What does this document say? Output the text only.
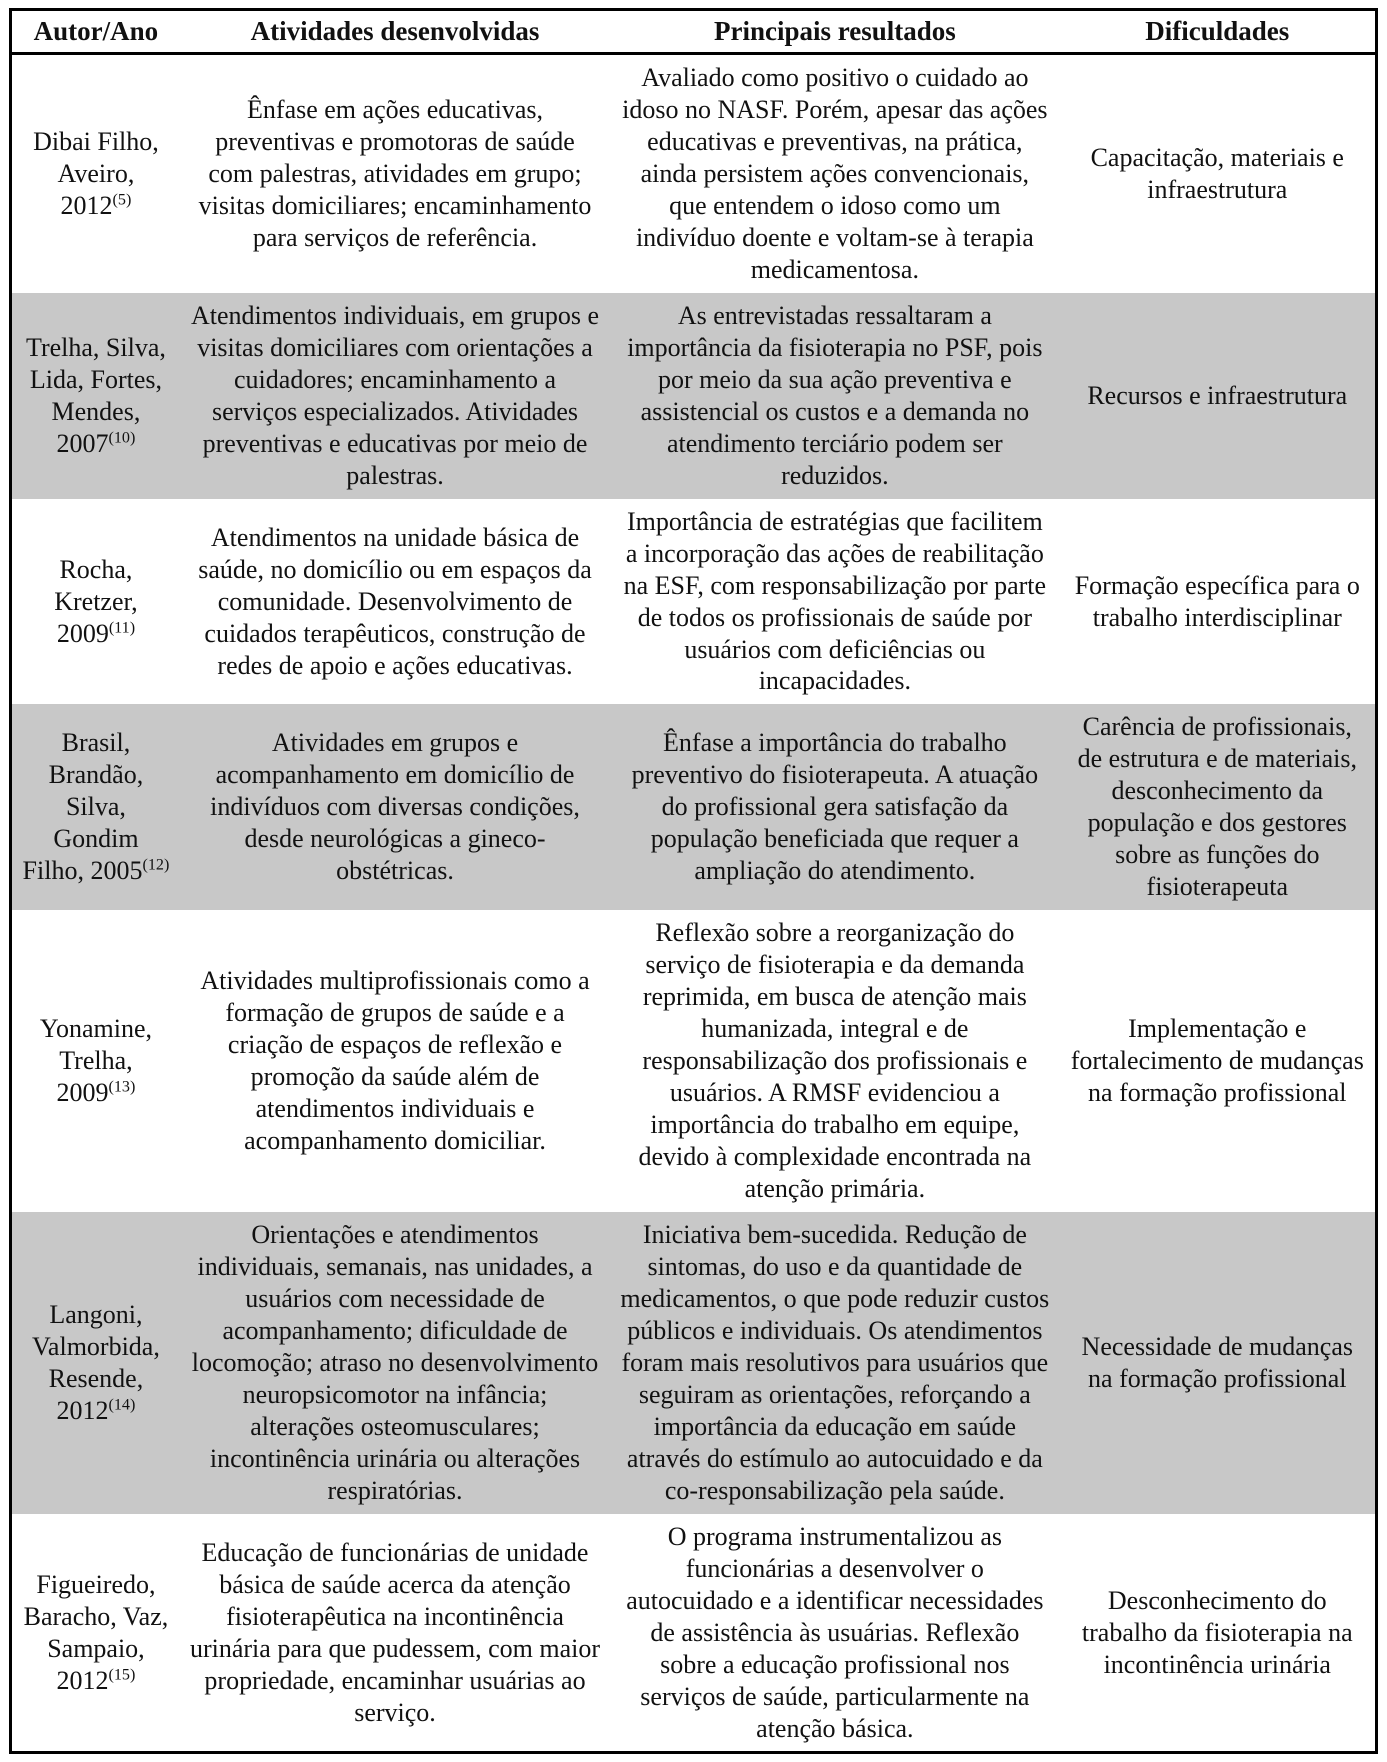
Autor/Ano	Atividades desenvolvidas	Principais resultados	Dificuldades
Dibai Filho, Aveiro, 2012$^{(5)}$	Ênfase em ações educativas, preventivas e promotoras de saúde com palestras, atividades em grupo; visitas domiciliares; encaminhamento para serviços de referência.	Avaliado como positivo o cuidado ao idoso no NASF. Porém, apesar das ações educativas e preventivas, na prática, ainda persistem ações convencionais, que entendem o idoso como um indivíduo doente e voltam-se à terapia medicamentosa.	Capacitação, materiais e infraestrutura
Trelha, Silva, Lida, Fortes, Mendes, 2007$^{(10)}$	Atendimentos individuais, em grupos e visitas domiciliares com orientações a cuidadores; encaminhamento a serviços especializados. Atividades preventivas e educativas por meio de palestras.	As entrevistadas ressaltaram a importância da fisioterapia no PSF, pois por meio da sua ação preventiva e assistencial os custos e a demanda no atendimento terciário podem ser reduzidos.	Recursos e infraestrutura
Rocha, Kretzer, 2009$^{(11)}$	Atendimentos na unidade básica de saúde, no domicílio ou em espaços da comunidade. Desenvolvimento de cuidados terapêuticos, construção de redes de apoio e ações educativas.	Importância de estratégias que facilitem a incorporação das ações de reabilitação na ESF, com responsabilização por parte de todos os profissionais de saúde por usuários com deficiências ou incapacidades.	Formação específica para o trabalho interdisciplinar
Brasil, Brandão, Silva, Gondim Filho, 2005$^{(12)}$	Atividades em grupos e acompanhamento em domicílio de indivíduos com diversas condições, desde neurológicas a gineco-obstétricas.	Ênfase a importância do trabalho preventivo do fisioterapeuta. A atuação do profissional gera satisfação da população beneficiada que requer a ampliação do atendimento.	Carência de profissionais, de estrutura e de materiais, desconhecimento da população e dos gestores sobre as funções do fisioterapeuta
Yonamine, Trelha, 2009$^{(13)}$	Atividades multiprofissionais como a formação de grupos de saúde e a criação de espaços de reflexão e promoção da saúde além de atendimentos individuais e acompanhamento domiciliar.	Reflexão sobre a reorganização do serviço de fisioterapia e da demanda reprimida, em busca de atenção mais humanizada, integral e de responsabilização dos profissionais e usuários. A RMSF evidenciou a importância do trabalho em equipe, devido à complexidade encontrada na atenção primária.	Implementação e fortalecimento de mudanças na formação profissional
Langoni, Valmorbida, Resende, 2012$^{(14)}$	Orientações e atendimentos individuais, semanais, nas unidades, a usuários com necessidade de acompanhamento; dificuldade de locomoção; atraso no desenvolvimento neuropsicomotor na infância; alterações osteomusculares; incontinência urinária ou alterações respiratórias.	Iniciativa bem-sucedida. Redução de sintomas, do uso e da quantidade de medicamentos, o que pode reduzir custos públicos e individuais. Os atendimentos foram mais resolutivos para usuários que seguiram as orientações, reforçando a importância da educação em saúde através do estímulo ao autocuidado e da co-responsabilização pela saúde.	Necessidade de mudanças na formação profissional
Figueiredo, Baracho, Vaz, Sampaio, 2012$^{(15)}$	Educação de funcionárias de unidade básica de saúde acerca da atenção fisioterapêutica na incontinência urinária para que pudessem, com maior propriedade, encaminhar usuárias ao serviço.	O programa instrumentalizou as funcionárias a desenvolver o autocuidado e a identificar necessidades de assistência às usuárias. Reflexão sobre a educação profissional nos serviços de saúde, particularmente na atenção básica.	Desconhecimento do trabalho da fisioterapia na incontinência urinária
